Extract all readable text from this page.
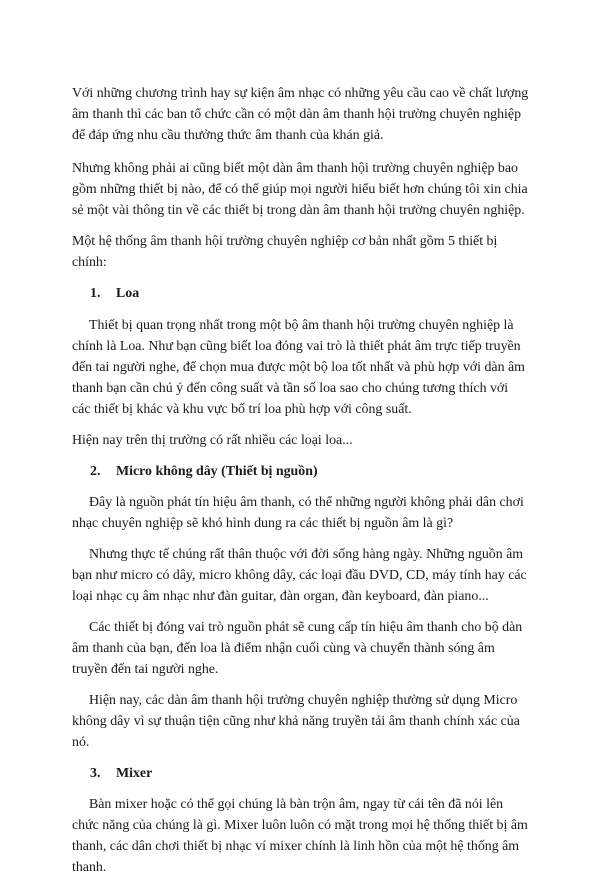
Với những chương trình hay sự kiện âm nhạc có những yêu cầu cao về chất lượng âm thanh thì các ban tổ chức cần có một dàn âm thanh hội trường chuyên nghiệp để đáp ứng nhu cầu thưởng thức âm thanh của khán giả.

Nhưng không phải ai cũng biết một dàn âm thanh hội trường chuyên nghiệp bao gồm những thiết bị nào, để có thể giúp mọi người hiểu biết hơn chúng tôi xin chia sẻ một vài thông tin về các thiết bị trong dàn âm thanh hội trường chuyên nghiệp.

Một hệ thống âm thanh hội trường chuyên nghiệp cơ bản nhất gồm 5 thiết bị chính:

1. Loa

Thiết bị quan trọng nhất trong một bộ âm thanh hội trường chuyên nghiệp là chính là Loa. Như bạn cũng biết loa đóng vai trò là thiết phát âm trực tiếp truyền đến tai người nghe, để chọn mua được một bộ loa tốt nhất và phù hợp với dàn âm thanh bạn cần chú ý đến công suất và tần số loa sao cho chúng tương thích với các thiết bị khác và khu vực bố trí loa phù hợp với công suất.

Hiện nay trên thị trường có rất nhiều các loại loa...

2. Micro không dây (Thiết bị nguồn)

Đây là nguồn phát tín hiệu âm thanh, có thể những người không phải dân chơi nhạc chuyên nghiệp sẽ khó hình dung ra các thiết bị nguồn âm là gì?

Nhưng thực tế chúng rất thân thuộc với đời sống hàng ngày. Những nguồn âm bạn như micro có dây, micro không dây, các loại đầu DVD, CD, máy tính hay các loại nhạc cụ âm nhạc như đàn guitar, đàn organ, đàn keyboard, đàn piano...

Các thiết bị đóng vai trò nguồn phát sẽ cung cấp tín hiệu âm thanh cho bộ dàn âm thanh của bạn, đến loa là điểm nhận cuối cùng và chuyển thành sóng âm truyền đến tai người nghe.

Hiện nay, các dàn âm thanh hội trường chuyên nghiệp thường sử dụng Micro không dây vì sự thuận tiện cũng như khả năng truyền tải âm thanh chính xác của nó.

3. Mixer

Bàn mixer hoặc có thể gọi chúng là bàn trộn âm, ngay từ cái tên đã nói lên chức năng của chúng là gì. Mixer luôn luôn có mặt trong mọi hệ thống thiết bị âm thanh, các dân chơi thiết bị nhạc ví mixer chính là linh hồn của một hệ thống âm thanh.
